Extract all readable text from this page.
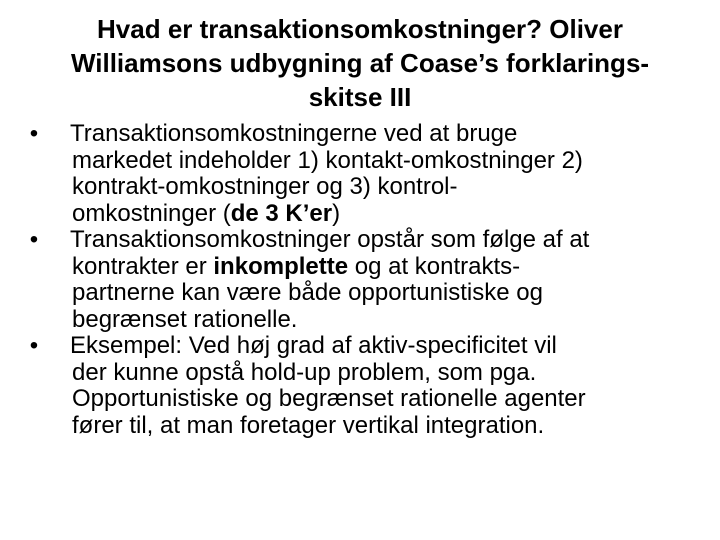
Hvad er transaktionsomkostninger? Oliver
Williamsons udbygning af Coase’s forklarings-
skitse III
• Transaktionsomkostningerne ved at bruge
markedet indeholder 1) kontakt-omkostninger 2)
kontrakt-omkostninger og 3) kontrol-
omkostninger (de 3 K’er)
• Transaktionsomkostninger opstår som følge af at
kontrakter er inkomplette og at kontrakts-
partnerne kan være både opportunistiske og
begrænset rationelle.
• Eksempel: Ved høj grad af aktiv-specificitet vil
der kunne opstå hold-up problem, som pga.
Opportunistiske og begrænset rationelle agenter
fører til, at man foretager vertikal integration.
